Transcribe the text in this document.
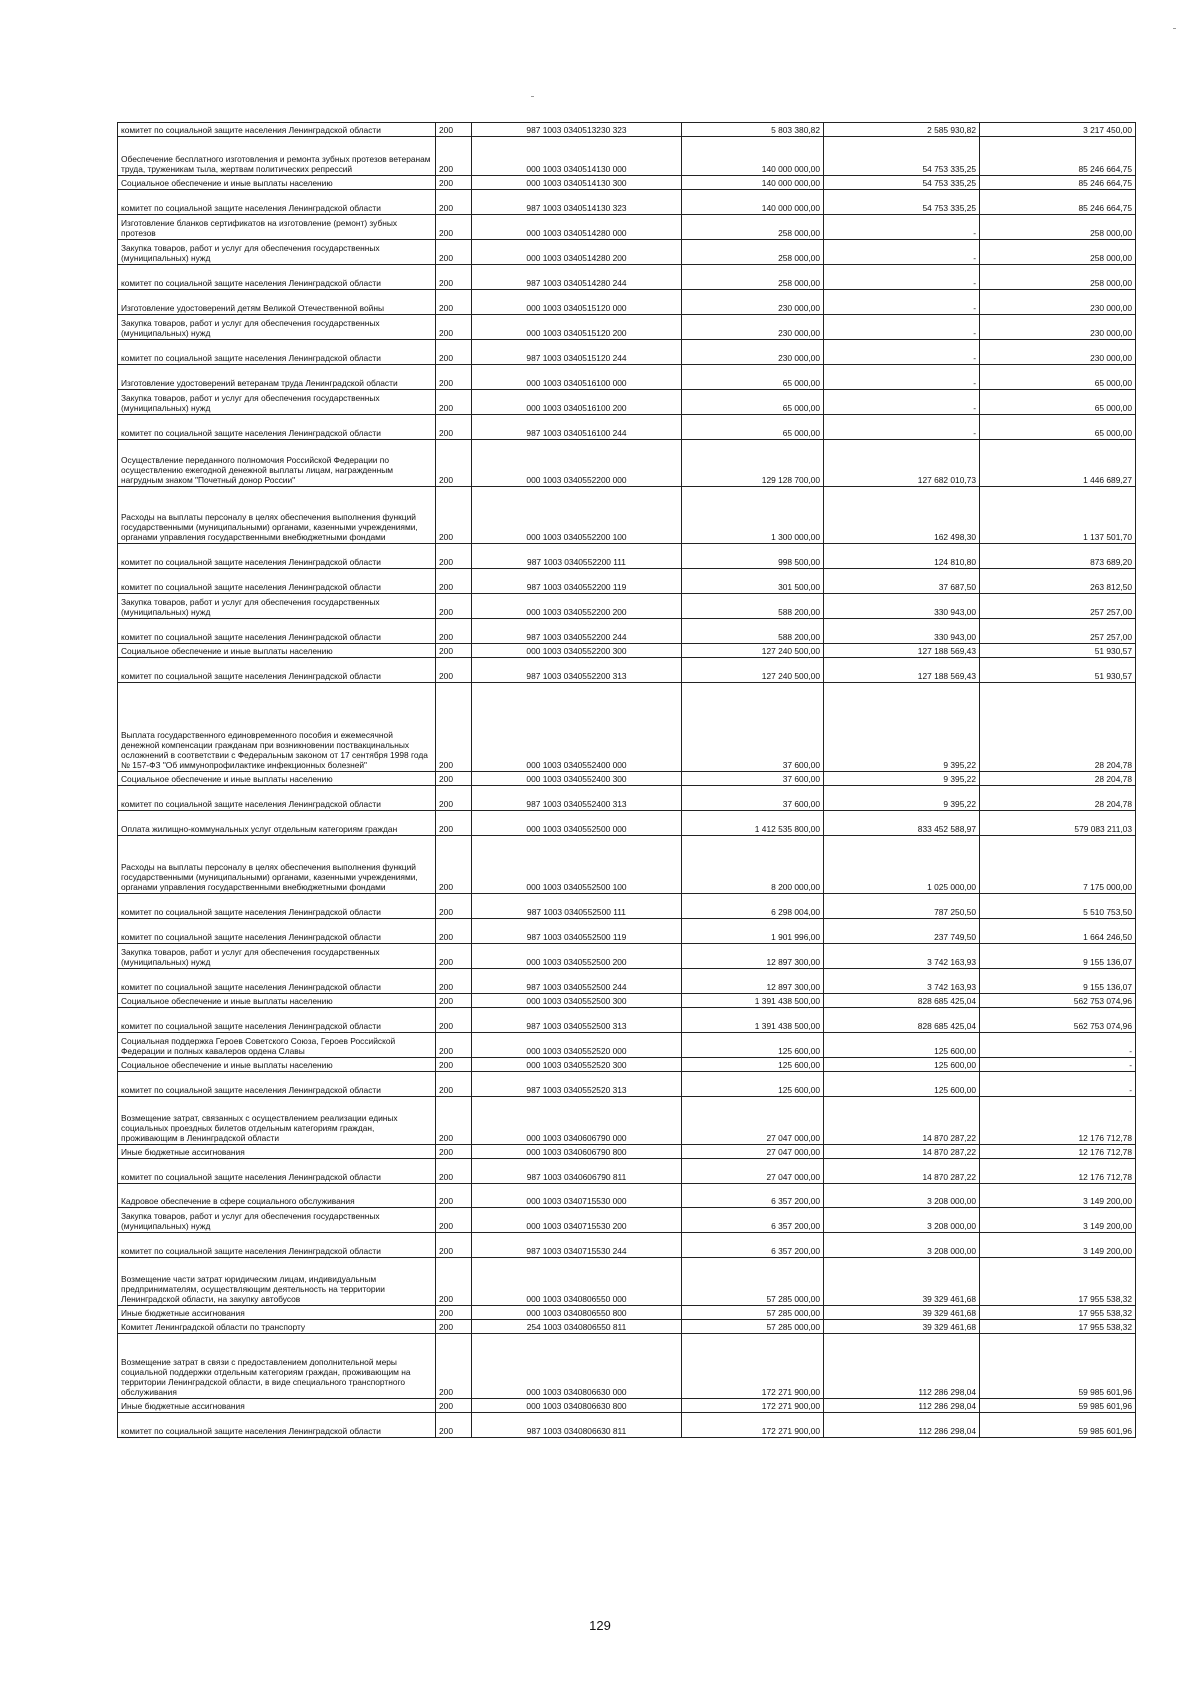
комитет по социальной защите населения Ленинградской области	200	987 1003 0340513230 323	5 803 380,82	2 585 930,82	3 217 450,00
Обеспечение бесплатного изготовления и ремонта зубных протезов ветеранам труда, труженикам тыла, жертвам политических репрессий	200	000 1003 0340514130 000	140 000 000,00	54 753 335,25	85 246 664,75
Социальное обеспечение и иные выплаты населению	200	000 1003 0340514130 300	140 000 000,00	54 753 335,25	85 246 664,75
комитет по социальной защите населения Ленинградской области	200	987 1003 0340514130 323	140 000 000,00	54 753 335,25	85 246 664,75
Изготовление бланков сертификатов на изготовление (ремонт) зубных протезов	200	000 1003 0340514280 000	258 000,00	-	258 000,00
Закупка товаров, работ и услуг для обеспечения государственных (муниципальных) нужд	200	000 1003 0340514280 200	258 000,00	-	258 000,00
комитет по социальной защите населения Ленинградской области	200	987 1003 0340514280 244	258 000,00	-	258 000,00
Изготовление удостоверений детям Великой Отечественной войны	200	000 1003 0340515120 000	230 000,00	-	230 000,00
Закупка товаров, работ и услуг для обеспечения государственных (муниципальных) нужд	200	000 1003 0340515120 200	230 000,00	-	230 000,00
комитет по социальной защите населения Ленинградской области	200	987 1003 0340515120 244	230 000,00	-	230 000,00
Изготовление удостоверений ветеранам труда Ленинградской области	200	000 1003 0340516100 000	65 000,00	-	65 000,00
Закупка товаров, работ и услуг для обеспечения государственных (муниципальных) нужд	200	000 1003 0340516100 200	65 000,00	-	65 000,00
комитет по социальной защите населения Ленинградской области	200	987 1003 0340516100 244	65 000,00	-	65 000,00
Осуществление переданного полномочия Российской Федерации по осуществлению ежегодной денежной выплаты лицам, награжденным нагрудным знаком "Почетный донор России"	200	000 1003 0340552200 000	129 128 700,00	127 682 010,73	1 446 689,27
Расходы на выплаты персоналу в целях обеспечения выполнения функций государственными (муниципальными) органами, казенными учреждениями, органами управления государственными внебюджетными фондами	200	000 1003 0340552200 100	1 300 000,00	162 498,30	1 137 501,70
комитет по социальной защите населения Ленинградской области	200	987 1003 0340552200 111	998 500,00	124 810,80	873 689,20
комитет по социальной защите населения Ленинградской области	200	987 1003 0340552200 119	301 500,00	37 687,50	263 812,50
Закупка товаров, работ и услуг для обеспечения государственных (муниципальных) нужд	200	000 1003 0340552200 200	588 200,00	330 943,00	257 257,00
комитет по социальной защите населения Ленинградской области	200	987 1003 0340552200 244	588 200,00	330 943,00	257 257,00
Социальное обеспечение и иные выплаты населению	200	000 1003 0340552200 300	127 240 500,00	127 188 569,43	51 930,57
комитет по социальной защите населения Ленинградской области	200	987 1003 0340552200 313	127 240 500,00	127 188 569,43	51 930,57
Выплата государственного единовременного пособия и ежемесячной денежной компенсации гражданам при возникновении поствакцинальных осложнений в соответствии с Федеральным законом от 17 сентября 1998 года № 157-ФЗ "Об иммунопрофилактике инфекционных болезней"	200	000 1003 0340552400 000	37 600,00	9 395,22	28 204,78
Социальное обеспечение и иные выплаты населению	200	000 1003 0340552400 300	37 600,00	9 395,22	28 204,78
комитет по социальной защите населения Ленинградской области	200	987 1003 0340552400 313	37 600,00	9 395,22	28 204,78
Оплата жилищно-коммунальных услуг отдельным категориям граждан	200	000 1003 0340552500 000	1 412 535 800,00	833 452 588,97	579 083 211,03
Расходы на выплаты персоналу в целях обеспечения выполнения функций государственными (муниципальными) органами, казенными учреждениями, органами управления государственными внебюджетными фондами	200	000 1003 0340552500 100	8 200 000,00	1 025 000,00	7 175 000,00
комитет по социальной защите населения Ленинградской области	200	987 1003 0340552500 111	6 298 004,00	787 250,50	5 510 753,50
комитет по социальной защите населения Ленинградской области	200	987 1003 0340552500 119	1 901 996,00	237 749,50	1 664 246,50
Закупка товаров, работ и услуг для обеспечения государственных (муниципальных) нужд	200	000 1003 0340552500 200	12 897 300,00	3 742 163,93	9 155 136,07
комитет по социальной защите населения Ленинградской области	200	987 1003 0340552500 244	12 897 300,00	3 742 163,93	9 155 136,07
Социальное обеспечение и иные выплаты населению	200	000 1003 0340552500 300	1 391 438 500,00	828 685 425,04	562 753 074,96
комитет по социальной защите населения Ленинградской области	200	987 1003 0340552500 313	1 391 438 500,00	828 685 425,04	562 753 074,96
Социальная поддержка Героев Советского Союза, Героев Российской Федерации и полных кавалеров ордена Славы	200	000 1003 0340552520 000	125 600,00	125 600,00	-
Социальное обеспечение и иные выплаты населению	200	000 1003 0340552520 300	125 600,00	125 600,00	-
комитет по социальной защите населения Ленинградской области	200	987 1003 0340552520 313	125 600,00	125 600,00	-
Возмещение затрат, связанных с осуществлением реализации единых социальных проездных билетов отдельным категориям граждан, проживающим в Ленинградской области	200	000 1003 0340606790 000	27 047 000,00	14 870 287,22	12 176 712,78
Иные бюджетные ассигнования	200	000 1003 0340606790 800	27 047 000,00	14 870 287,22	12 176 712,78
комитет по социальной защите населения Ленинградской области	200	987 1003 0340606790 811	27 047 000,00	14 870 287,22	12 176 712,78
Кадровое обеспечение в сфере социального обслуживания	200	000 1003 0340715530 000	6 357 200,00	3 208 000,00	3 149 200,00
Закупка товаров, работ и услуг для обеспечения государственных (муниципальных) нужд	200	000 1003 0340715530 200	6 357 200,00	3 208 000,00	3 149 200,00
комитет по социальной защите населения Ленинградской области	200	987 1003 0340715530 244	6 357 200,00	3 208 000,00	3 149 200,00
Возмещение части затрат юридическим лицам, индивидуальным предпринимателям, осуществляющим деятельность на территории Ленинградской области, на закупку автобусов	200	000 1003 0340806550 000	57 285 000,00	39 329 461,68	17 955 538,32
Иные бюджетные ассигнования	200	000 1003 0340806550 800	57 285 000,00	39 329 461,68	17 955 538,32
Комитет Ленинградской области по транспорту	200	254 1003 0340806550 811	57 285 000,00	39 329 461,68	17 955 538,32
Возмещение затрат в связи с предоставлением дополнительной меры социальной поддержки отдельным категориям граждан, проживающим на территории Ленинградской области, в виде специального транспортного обслуживания	200	000 1003 0340806630 000	172 271 900,00	112 286 298,04	59 985 601,96
Иные бюджетные ассигнования	200	000 1003 0340806630 800	172 271 900,00	112 286 298,04	59 985 601,96
комитет по социальной защите населения Ленинградской области	200	987 1003 0340806630 811	172 271 900,00	112 286 298,04	59 985 601,96
129
